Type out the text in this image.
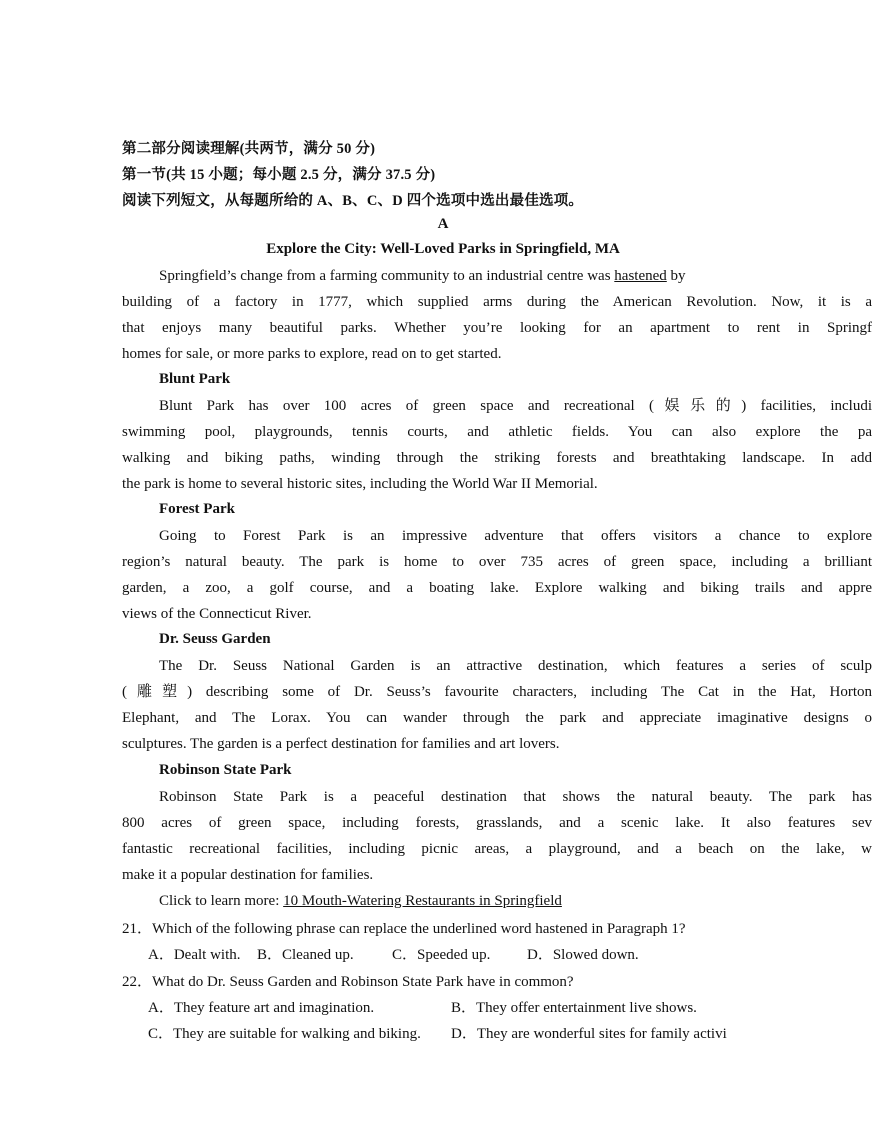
第二部分阅读理解(共两节，满分 50 分)
第一节(共 15 小题；每小题 2.5 分，满分 37.5 分)
阅读下列短文，从每题所给的 A、B、C、D 四个选项中选出最佳选项。
A
Explore the City: Well-Loved Parks in Springfield, MA
Springfield’s change from a farming community to an industrial centre was hastened by
building of a factory in 1777, which supplied arms during the American Revolution. Now, it is a
that enjoys many beautiful parks. Whether you’re looking for an apartment to rent in Springf
homes for sale, or more parks to explore, read on to get started.
Blunt Park
Blunt Park has over 100 acres of green space and recreational (娱乐的) facilities, includi
swimming pool, playgrounds, tennis courts, and athletic fields. You can also explore the pa
walking and biking paths, winding through the striking forests and breathtaking landscape. In add
the park is home to several historic sites, including the World War II Memorial.
Forest Park
Going to Forest Park is an impressive adventure that offers visitors a chance to explore
region’s natural beauty. The park is home to over 735 acres of green space, including a brilliant
garden, a zoo, a golf course, and a boating lake. Explore walking and biking trails and appre
views of the Connecticut River.
Dr. Seuss Garden
The Dr. Seuss National Garden is an attractive destination, which features a series of sculp
(雕塑) describing some of Dr. Seuss’s favourite characters, including The Cat in the Hat, Horton
Elephant, and The Lorax. You can wander through the park and appreciate imaginative designs o
sculptures. The garden is a perfect destination for families and art lovers.
Robinson State Park
Robinson State Park is a peaceful destination that shows the natural beauty. The park has
800 acres of green space, including forests, grasslands, and a scenic lake. It also features sev
fantastic recreational facilities, including picnic areas, a playground, and a beach on the lake, w
make it a popular destination for families.
Click to learn more: 10 Mouth-Watering Restaurants in Springfield
21．Which of the following phrase can replace the underlined word hastened in Paragraph 1?
A．Dealt with. B．Cleaned up.	C．Speeded up. D．Slowed down.
22．What do Dr. Seuss Garden and Robinson State Park have in common?
A．They feature art and imagination.	B．They offer entertainment live shows.
C．They are suitable for walking and biking. D．They are wonderful sites for family activi
